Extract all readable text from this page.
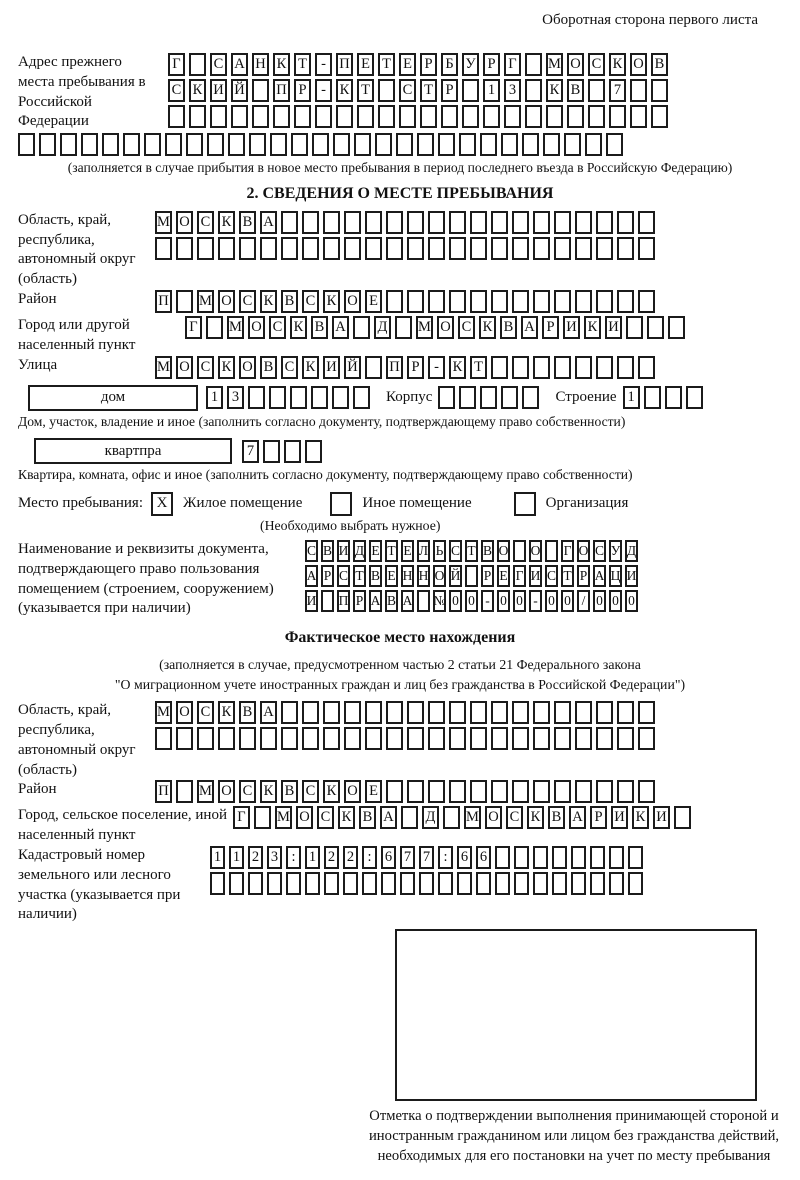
Оборотная сторона первого листа
Адрес прежнего места пребывания в Российской Федерации
Г С А Н К Т - П Е Т Е Р Б У Р Г М О С К О В
С К И Й П Р	- К Т С Т Р	1 3	К В	7
(заполняется в случае прибытия в новое место пребывания в период последнего въезда в Российскую Федерацию)
2. СВЕДЕНИЯ О МЕСТЕ ПРЕБЫВАНИЯ
Область, край, республика, автономный округ (область)
М О С К В А
Район	П М О С К В С К О Е
Город или другой населенный пункт
Г М О С К В А Д М О С К В А Р И К И
Улица	М О С К О В С К И Й П Р	- К Т
дом	1 3	Корпус	Строение 1
Дом, участок, владение и иное (заполнить согласно документу, подтверждающему право собственности)
квартпра	7
Квартира, комната, офис и иное (заполнить согласно документу, подтверждающему право собственности)
Место пребывания: X	Жилое помещение	Иное помещение	Организация
(Необходимо выбрать нужное)
Наименование и реквизиты документа, подтверждающего право пользования помещением (строением, сооружением) (указывается при наличии)
С В И Д Е Т Е Л Ь С Т В О О Г О С У Д
А Р С Т В Е Н Н О Й Р Е Г И С Т Р А Ц И
И П Р А В А № 0 0 - 0 0 - 0 0 / 0 0 0
Фактическое место нахождения
(заполняется в случае, предусмотренном частью 2 статьи 21 Федерального закона
"О миграционном учете иностранных граждан и лиц без гражданства в Российской Федерации")
Область, край, республика, автономный округ (область)
М О С К В А
Район	П М О С К В С К О Е
Город, сельское поселение, иной населенный пункт
Г М О С К В А Д М О С К В А Р И К И
Кадастровый номер земельного или лесного участка (указывается при наличии)
1 1 2 3 : 1 2 2 : 6 7 7 : 6 6
Отметка о подтверждении выполнения принимающей стороной и иностранным гражданином или лицом без гражданства действий, необходимых для его постановки на учет по месту пребывания
